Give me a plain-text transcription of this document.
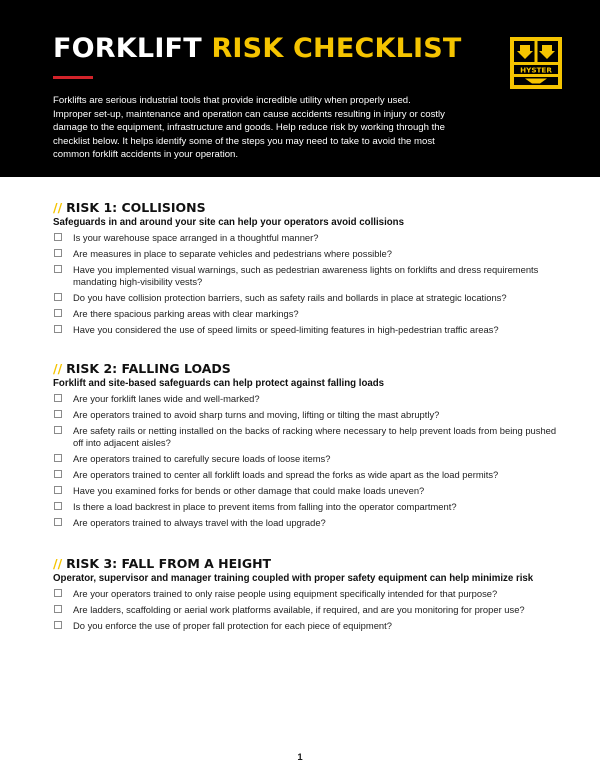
FORKLIFT RISK CHECKLIST
HYSTER
Forklifts are serious industrial tools that provide incredible utility when properly used. Improper set-up, maintenance and operation can cause accidents resulting in injury or costly damage to the equipment, infrastructure and goods. Help reduce risk by working through the checklist below. It helps identify some of the steps you may need to take to avoid the most common forklift accidents in your operation.
// RISK 1: COLLISIONS
Safeguards in and around your site can help your operators avoid collisions
Is your warehouse space arranged in a thoughtful manner?
Are measures in place to separate vehicles and pedestrians where possible?
Have you implemented visual warnings, such as pedestrian awareness lights on forklifts and dress requirements mandating high-visibility vests?
Do you have collision protection barriers, such as safety rails and bollards in place at strategic locations?
Are there spacious parking areas with clear markings?
Have you considered the use of speed limits or speed-limiting features in high-pedestrian traffic areas?
// RISK 2: FALLING LOADS
Forklift and site-based safeguards can help protect against falling loads
Are your forklift lanes wide and well-marked?
Are operators trained to avoid sharp turns and moving, lifting or tilting the mast abruptly?
Are safety rails or netting installed on the backs of racking where necessary to help prevent loads from being pushed off into adjacent aisles?
Are operators trained to carefully secure loads of loose items?
Are operators trained to center all forklift loads and spread the forks as wide apart as the load permits?
Have you examined forks for bends or other damage that could make loads uneven?
Is there a load backrest in place to prevent items from falling into the operator compartment?
Are operators trained to always travel with the load upgrade?
// RISK 3: FALL FROM A HEIGHT
Operator, supervisor and manager training coupled with proper safety equipment can help minimize risk
Are your operators trained to only raise people using equipment specifically intended for that purpose?
Are ladders, scaffolding or aerial work platforms available, if required, and are you monitoring for proper use?
Do you enforce the use of proper fall protection for each piece of equipment?
1
